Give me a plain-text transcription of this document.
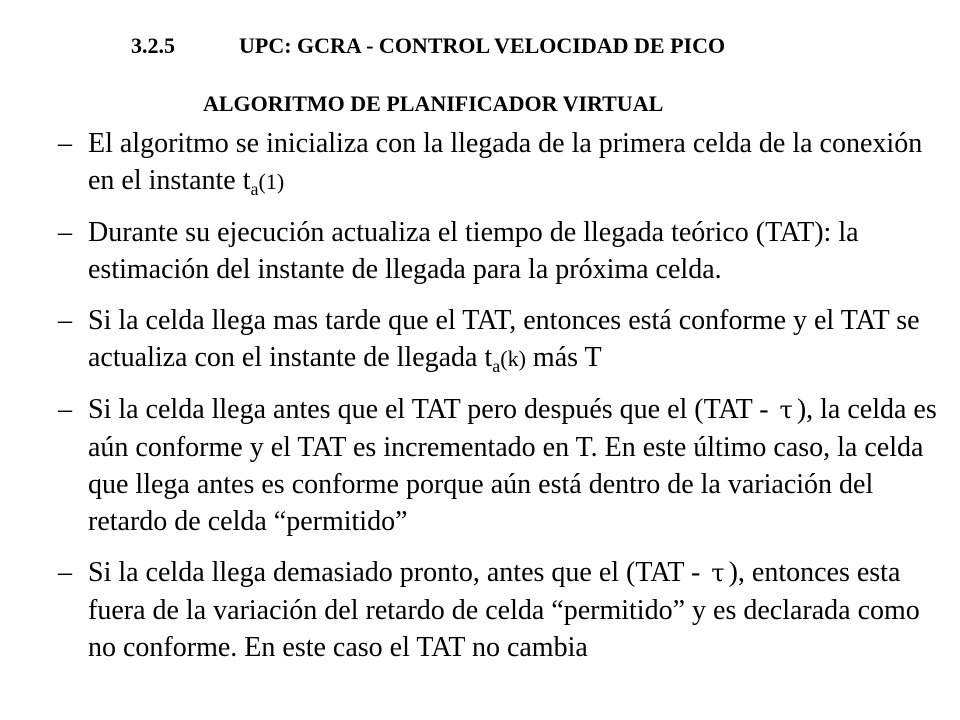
3.2.5	UPC: GCRA - CONTROL VELOCIDAD DE PICO
ALGORITMO DE PLANIFICADOR VIRTUAL
– El algoritmo se inicializa con la llegada de la primera celda de la conexión en el instante $t_a(1)$
– Durante su ejecución actualiza el tiempo de llegada teórico (TAT): la estimación del instante de llegada para la próxima celda.
– Si la celda llega mas tarde que el TAT, entonces está conforme y el TAT se actualiza con el instante de llegada $t_a(k)$ más T
– Si la celda llega antes que el TAT pero después que el (TAT - τ ), la celda es aún conforme y el TAT es incrementado en T. En este último caso, la celda que llega antes es conforme porque aún está dentro de la variación del retardo de celda “permitido”
– Si la celda llega demasiado pronto, antes que el (TAT - τ ), entonces esta fuera de la variación del retardo de celda “permitido” y es declarada como no conforme. En este caso el TAT no cambia
